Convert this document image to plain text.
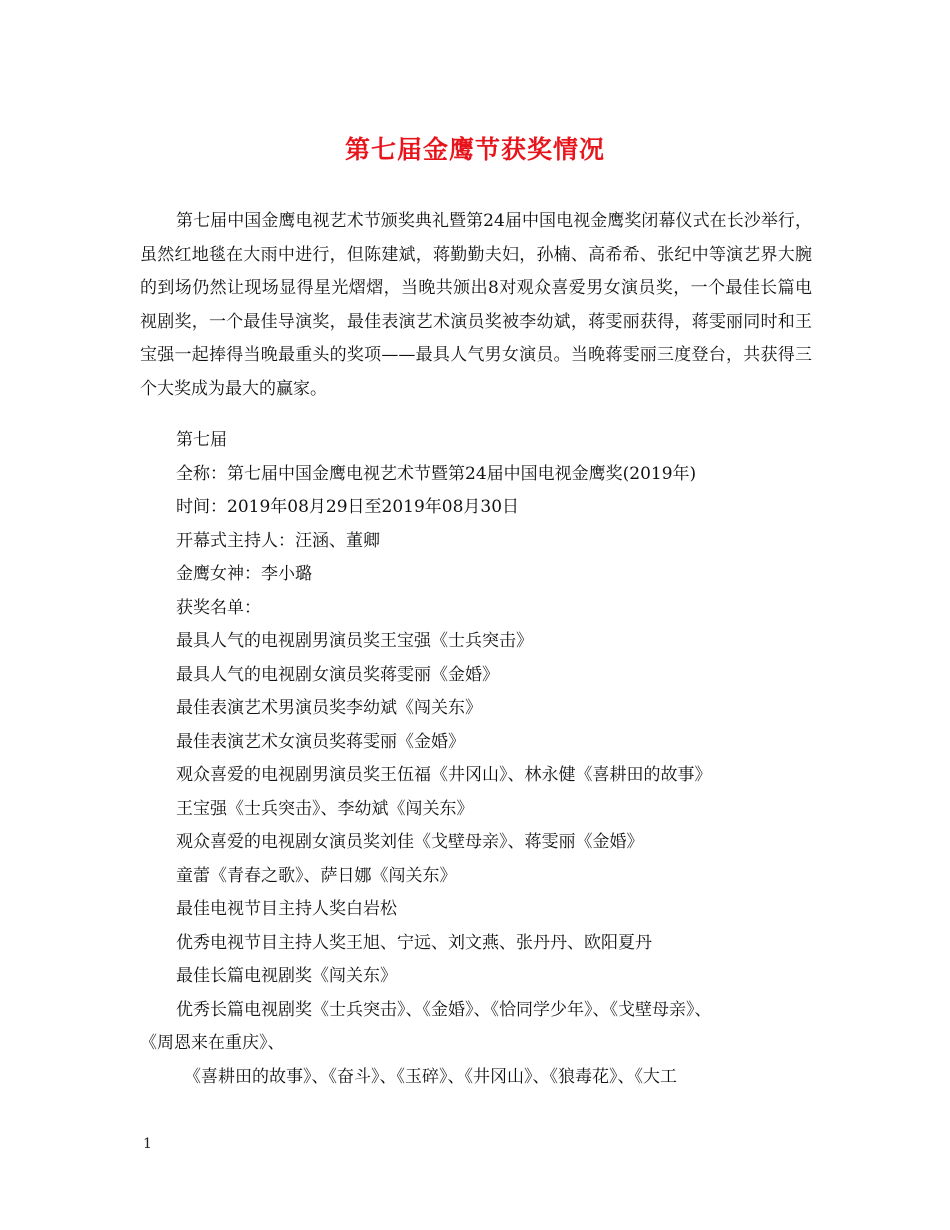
第七届金鹰节获奖情况

第七届中国金鹰电视艺术节颁奖典礼暨第24届中国电视金鹰奖闭幕仪式在长沙举行，虽然红地毯在大雨中进行，但陈建斌，蒋勤勤夫妇，孙楠、高希希、张纪中等演艺界大腕的到场仍然让现场显得星光熠熠，当晚共颁出8对观众喜爱男女演员奖，一个最佳长篇电视剧奖，一个最佳导演奖，最佳表演艺术演员奖被李幼斌，蒋雯丽获得，蒋雯丽同时和王宝强一起捧得当晚最重头的奖项——最具人气男女演员。当晚蒋雯丽三度登台，共获得三个大奖成为最大的赢家。

第七届
全称：第七届中国金鹰电视艺术节暨第24届中国电视金鹰奖(2019年)
时间：2019年08月29日至2019年08月30日
开幕式主持人：汪涵、董卿
金鹰女神：李小璐
获奖名单：
最具人气的电视剧男演员奖王宝强《士兵突击》
最具人气的电视剧女演员奖蒋雯丽《金婚》
最佳表演艺术男演员奖李幼斌《闯关东》
最佳表演艺术女演员奖蒋雯丽《金婚》
观众喜爱的电视剧男演员奖王伍福《井冈山》、林永健《喜耕田的故事》
王宝强《士兵突击》、李幼斌《闯关东》
观众喜爱的电视剧女演员奖刘佳《戈壁母亲》、蒋雯丽《金婚》
童蕾《青春之歌》、萨日娜《闯关东》
最佳电视节目主持人奖白岩松
优秀电视节目主持人奖王旭、宁远、刘文燕、张丹丹、欧阳夏丹
最佳长篇电视剧奖《闯关东》
优秀长篇电视剧奖《士兵突击》、《金婚》、《恰同学少年》、《戈壁母亲》、
《周恩来在重庆》、
《喜耕田的故事》、《奋斗》、《玉碎》、《井冈山》、《狼毒花》、《大工
1
